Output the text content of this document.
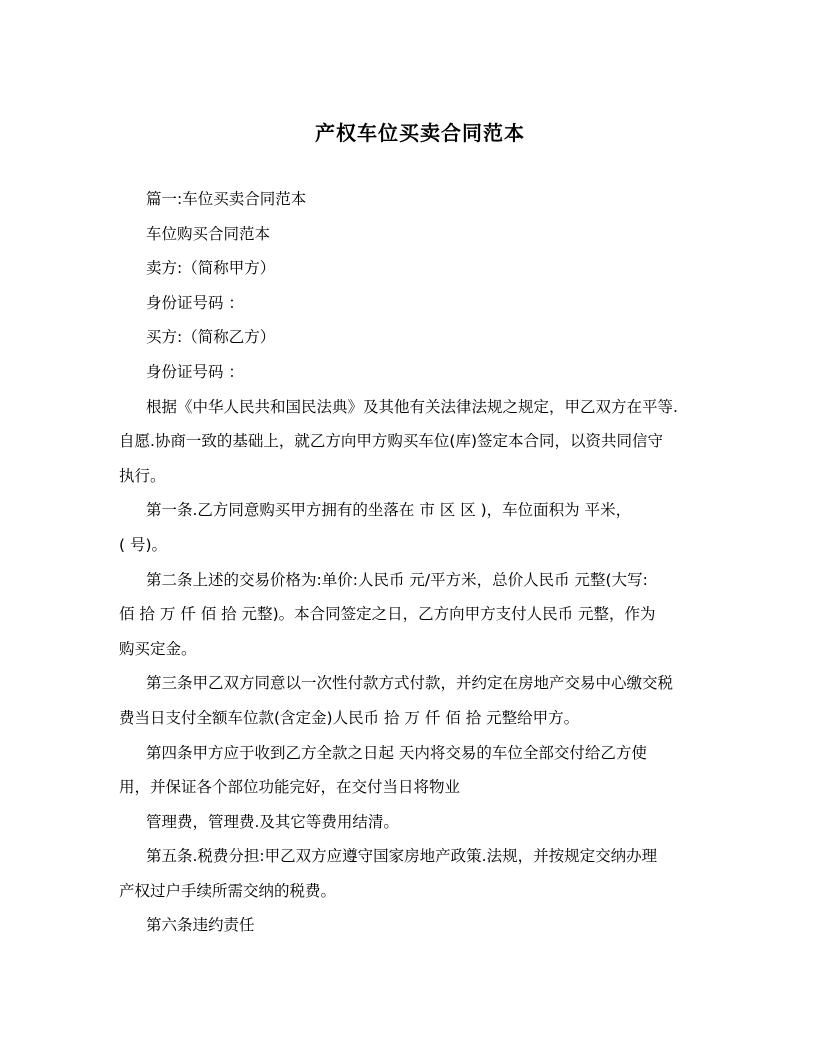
产权车位买卖合同范本
篇一:车位买卖合同范本
车位购买合同范本
卖方:（简称甲方）
身份证号码 ：
买方:（简称乙方）
身份证号码 ：
根据《中华人民共和国民法典》及其他有关法律法规之规定，甲乙双方在平等.
自愿.协商一致的基础上，就乙方向甲方购买车位(库)签定本合同，以资共同信守
执行。
第一条.乙方同意购买甲方拥有的坐落在 市 区 区 )，车位面积为 平米，
( 号)。
第二条上述的交易价格为:单价:人民币 元/平方米，总价人民币 元整(大写:
佰 拾 万 仟 佰 拾 元整)。本合同签定之日，乙方向甲方支付人民币 元整，作为
购买定金。
第三条甲乙双方同意以一次性付款方式付款，并约定在房地产交易中心缴交税
费当日支付全额车位款(含定金)人民币 拾 万 仟 佰 拾 元整给甲方。
第四条甲方应于收到乙方全款之日起 天内将交易的车位全部交付给乙方使
用，并保证各个部位功能完好，在交付当日将物业
管理费，管理费.及其它等费用结清。
第五条.税费分担:甲乙双方应遵守国家房地产政策.法规，并按规定交纳办理
产权过户手续所需交纳的税费。
第六条违约责任
